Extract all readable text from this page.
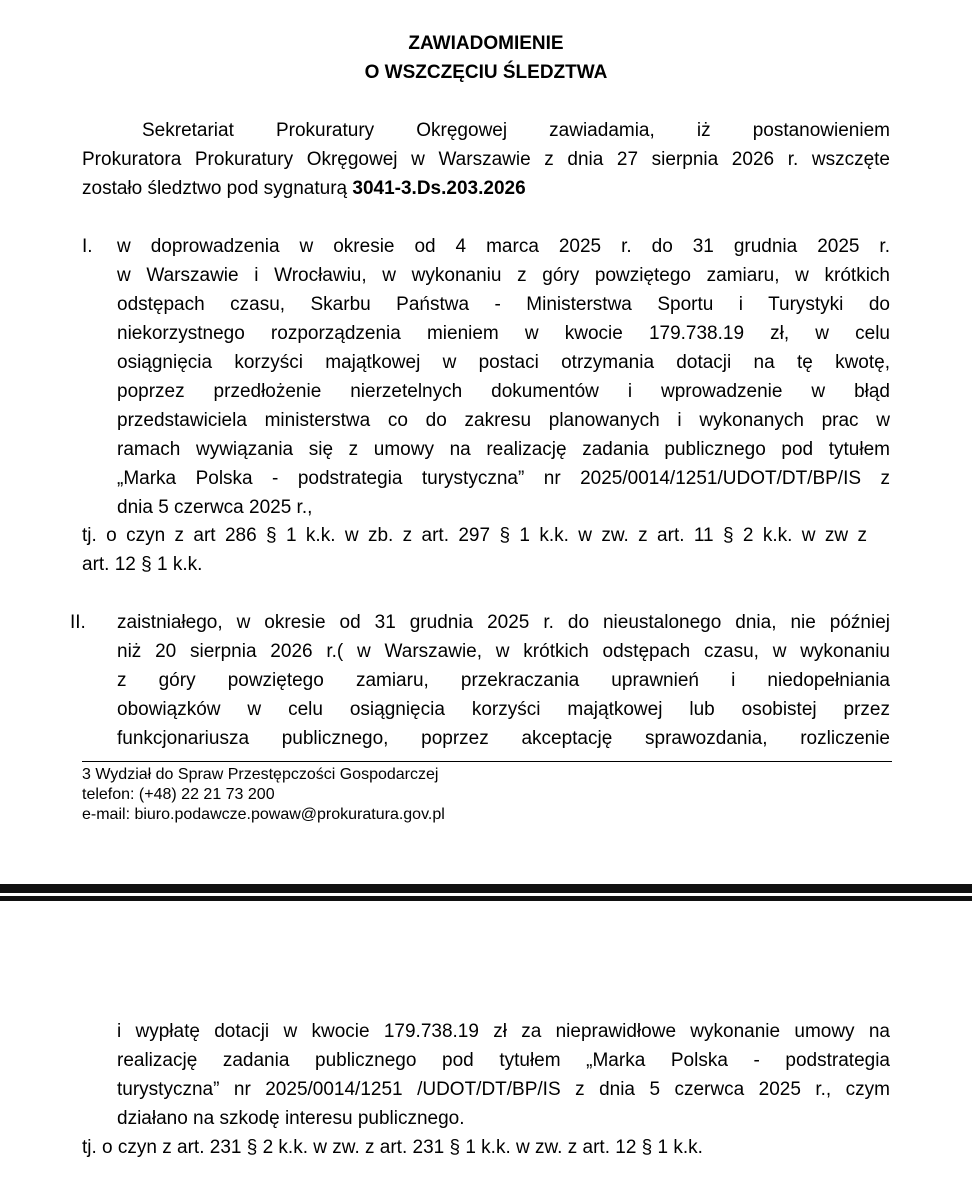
ZAWIADOMIENIE
O WSZCZĘCIU ŚLEDZTWA
Sekretariat Prokuratury Okręgowej zawiadamia, iż postanowieniem
Prokuratora Prokuratury Okręgowej w Warszawie z dnia 27 sierpnia 2026 r. wszczęte
zostało śledztwo pod sygnaturą 3041-3.Ds.203.2026
I. w doprowadzenia w okresie od 4 marca 2025 r. do 31 grudnia 2025 r.
w Warszawie i Wrocławiu, w wykonaniu z góry powziętego zamiaru, w krótkich
odstępach czasu, Skarbu Państwa - Ministerstwa Sportu i Turystyki do
niekorzystnego rozporządzenia mieniem w kwocie 179.738.19 zł, w celu
osiągnięcia korzyści majątkowej w postaci otrzymania dotacji na tę kwotę,
poprzez przedłożenie nierzetelnych dokumentów i wprowadzenie w błąd
przedstawiciela ministerstwa co do zakresu planowanych i wykonanych prac w
ramach wywiązania się z umowy na realizację zadania publicznego pod tytułem
„Marka Polska - podstrategia turystyczna” nr 2025/0014/1251/UDOT/DT/BP/IS z
dnia 5 czerwca 2025 r.,
tj. o czyn z art 286 § 1 k.k. w zb. z art. 297 § 1 k.k. w zw. z art. 11 § 2 k.k. w zw z
art. 12 § 1 k.k.
II. zaistniałego, w okresie od 31 grudnia 2025 r. do nieustalonego dnia, nie później
niż 20 sierpnia 2026 r.( w Warszawie, w krótkich odstępach czasu, w wykonaniu
z góry powziętego zamiaru, przekraczania uprawnień i niedopełniania
obowiązków w celu osiągnięcia korzyści majątkowej lub osobistej przez
funkcjonariusza publicznego, poprzez akceptację sprawozdania, rozliczenie
3 Wydział do Spraw Przestępczości Gospodarczej
telefon: (+48) 22 21 73 200
e-mail: biuro.podawcze.powaw@prokuratura.gov.pl
i wypłatę dotacji w kwocie 179.738.19 zł za nieprawidłowe wykonanie umowy na
realizację zadania publicznego pod tytułem „Marka Polska - podstrategia
turystyczna” nr 2025/0014/1251 /UDOT/DT/BP/IS z dnia 5 czerwca 2025 r., czym
działano na szkodę interesu publicznego.
tj. o czyn z art. 231 § 2 k.k. w zw. z art. 231 § 1 k.k. w zw. z art. 12 § 1 k.k.
